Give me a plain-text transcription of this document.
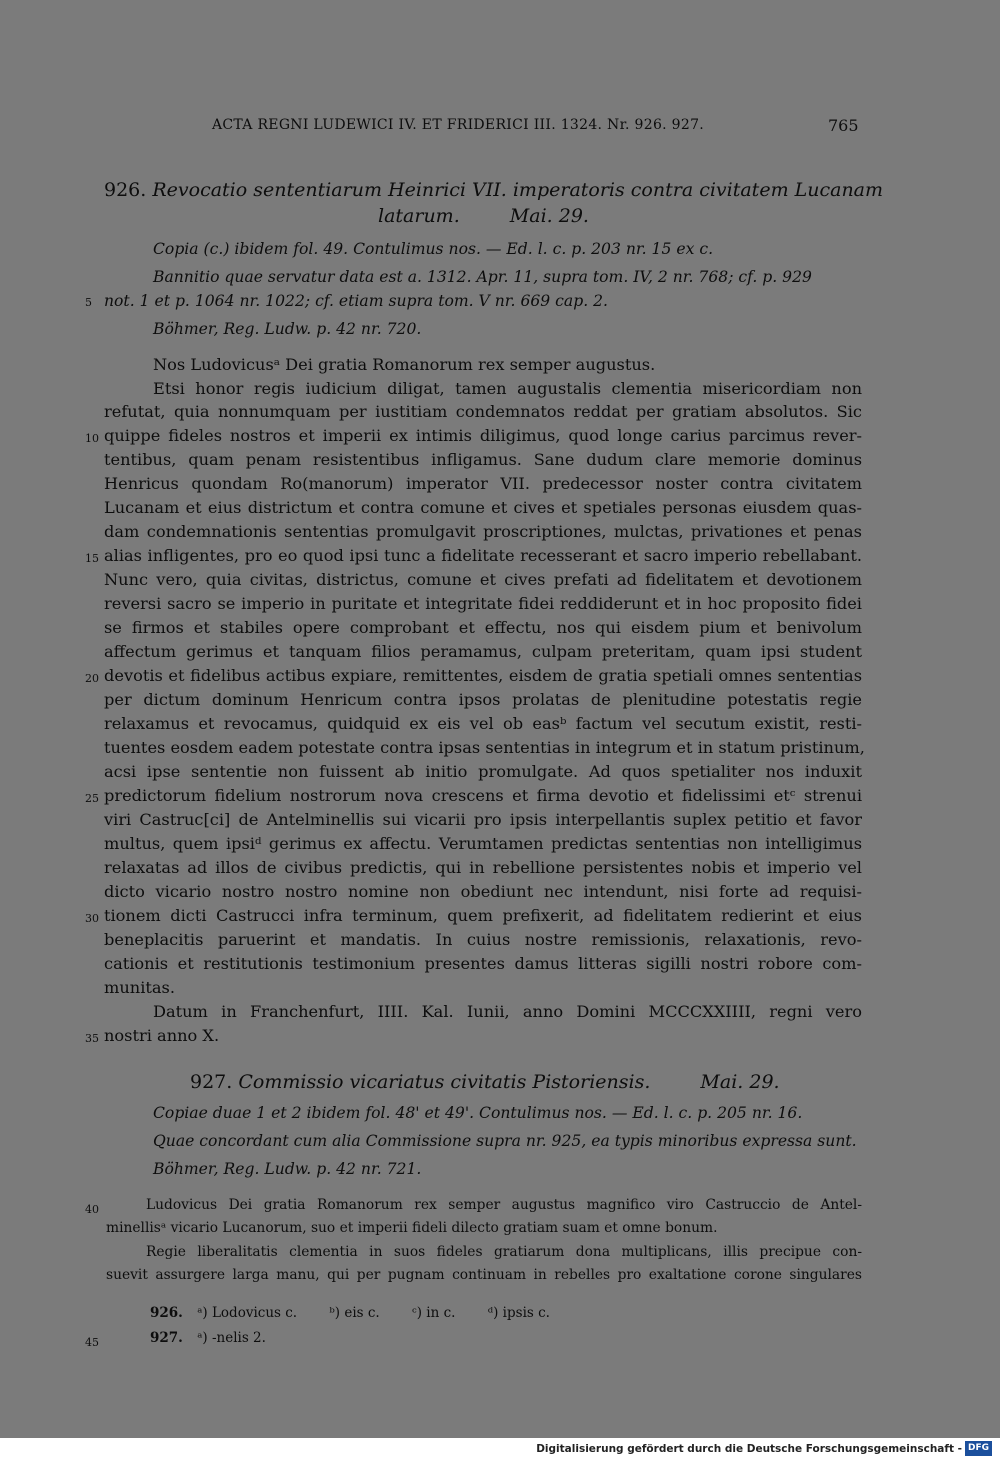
ACTA REGNI LUDEWICI IV. ET FRIDERICI III. 1324. Nr. 926. 927.	765
926. Revocatio sententiarum Heinrici VII. imperatoris contra civitatem Lucanam
latarum.	Mai. 29.
Copia (c.) ibidem fol. 49. Contulimus nos. — Ed. l. c. p. 203 nr. 15 ex c.
Bannitio quae servatur data est a. 1312. Apr. 11, supra tom. IV, 2 nr. 768; cf. p. 929
not. 1 et p. 1064 nr. 1022; cf. etiam supra tom. V nr. 669 cap. 2.
Böhmer, Reg. Ludw. p. 42 nr. 720.
Nos Ludovicusᵃ Dei gratia Romanorum rex semper augustus.
Etsi honor regis iudicium diligat, tamen augustalis clementia misericordiam non
refutat, quia nonnumquam per iustitiam condemnatos reddat per gratiam absolutos. Sic
quippe fideles nostros et imperii ex intimis diligimus, quod longe carius parcimus rever-
tentibus, quam penam resistentibus infligamus. Sane dudum clare memorie dominus
Henricus quondam Ro(manorum) imperator VII. predecessor noster contra civitatem
Lucanam et eius districtum et contra comune et cives et spetiales personas eiusdem quas-
dam condemnationis sententias promulgavit proscriptiones, mulctas, privationes et penas
alias infligentes, pro eo quod ipsi tunc a fidelitate recesserant et sacro imperio rebellabant.
Nunc vero, quia civitas, districtus, comune et cives prefati ad fidelitatem et devotionem
reversi sacro se imperio in puritate et integritate fidei reddiderunt et in hoc proposito fidei
se firmos et stabiles opere comprobant et effectu, nos qui eisdem pium et benivolum
affectum gerimus et tanquam filios peramamus, culpam preteritam, quam ipsi student
devotis et fidelibus actibus expiare, remittentes, eisdem de gratia spetiali omnes sententias
per dictum dominum Henricum contra ipsos prolatas de plenitudine potestatis regie
relaxamus et revocamus, quidquid ex eis vel ob easᵇ factum vel secutum existit, resti-
tuentes eosdem eadem potestate contra ipsas sententias in integrum et in statum pristinum,
acsi ipse sententie non fuissent ab initio promulgate. Ad quos spetialiter nos induxit
predictorum fidelium nostrorum nova crescens et firma devotio et fidelissimi etᶜ strenui
viri Castruc[ci] de Antelminellis sui vicarii pro ipsis interpellantis suplex petitio et favor
multus, quem ipsiᵈ gerimus ex affectu. Verumtamen predictas sententias non intelligimus
relaxatas ad illos de civibus predictis, qui in rebellione persistentes nobis et imperio vel
dicto vicario nostro nostro nomine non obediunt nec intendunt, nisi forte ad requisi-
tionem dicti Castrucci infra terminum, quem prefixerit, ad fidelitatem redierint et eius
beneplacitis paruerint et mandatis. In cuius nostre remissionis, relaxationis, revo-
cationis et restitutionis testimonium presentes damus litteras sigilli nostri robore com-
munitas.
Datum in Franchenfurt, IIII. Kal. Iunii, anno Domini MCCCXXIIII, regni vero
nostri anno X.
927. Commissio vicariatus civitatis Pistoriensis.	Mai. 29.
Copiae duae 1 et 2 ibidem fol. 48' et 49'. Contulimus nos. — Ed. l. c. p. 205 nr. 16.
Quae concordant cum alia Commissione supra nr. 925, ea typis minoribus expressa sunt.
Böhmer, Reg. Ludw. p. 42 nr. 721.
Ludovicus Dei gratia Romanorum rex semper augustus magnifico viro Castruccio de Antel-
minellisᵃ vicario Lucanorum, suo et imperii fideli dilecto gratiam suam et omne bonum.
Regie liberalitatis clementia in suos fideles gratiarum dona multiplicans, illis precipue con-
suevit assurgere larga manu, qui per pugnam continuam in rebelles pro exaltatione corone singulares
5
10
15
20
25
30
35
40
45
926. ᵃ) Lodovicus c. ᵇ) eis c. ᶜ) in c. ᵈ) ipsis c.
927. ᵃ) -nelis 2.
Digitalisierung gefördert durch die Deutsche Forschungsgemeinschaft - DFG
